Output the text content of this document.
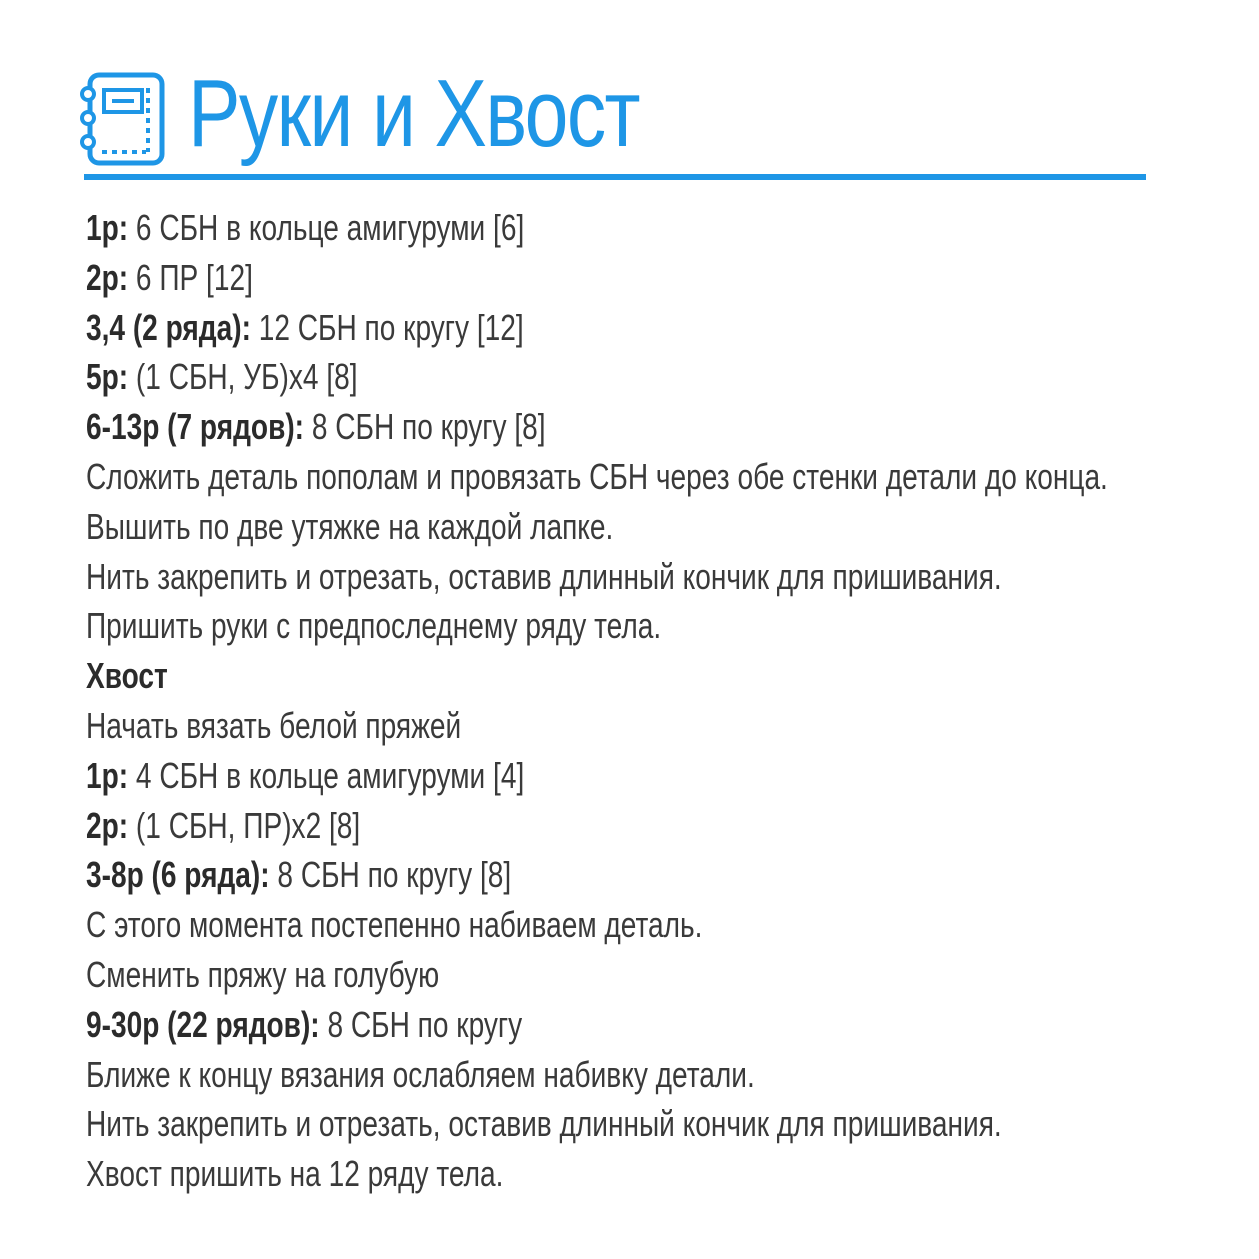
Руки и Хвост
1р: 6 СБН в кольце амигуруми [6]
2р: 6 ПР [12]
3,4 (2 ряда): 12 СБН по кругу [12]
5р: (1 СБН, УБ)х4 [8]
6-13р (7 рядов): 8 СБН по кругу [8]
Сложить деталь пополам и провязать СБН через обе стенки детали до конца.
Вышить по две утяжке на каждой лапке.
Нить закрепить и отрезать, оставив длинный кончик для пришивания.
Пришить руки с предпоследнему ряду тела.
Хвост
Начать вязать белой пряжей
1р: 4 СБН в кольце амигуруми [4]
2р: (1 СБН, ПР)х2 [8]
3-8р (6 ряда): 8 СБН по кругу [8]
С этого момента постепенно набиваем деталь.
Сменить пряжу на голубую
9-30р (22 рядов): 8 СБН по кругу
Ближе к концу вязания ослабляем набивку детали.
Нить закрепить и отрезать, оставив длинный кончик для пришивания.
Хвост пришить на 12 ряду тела.
